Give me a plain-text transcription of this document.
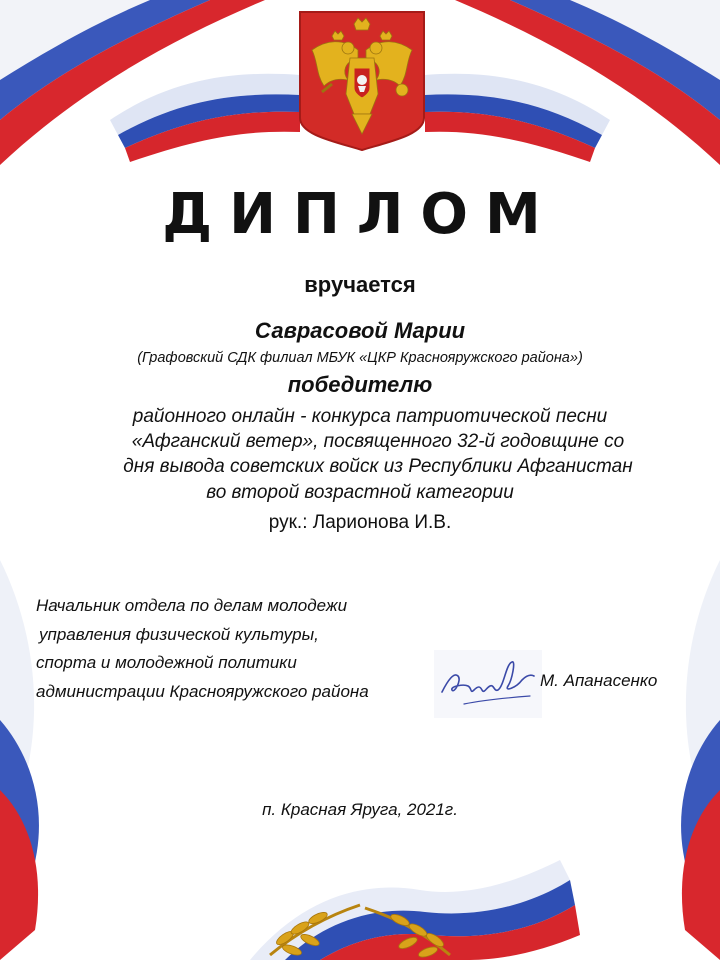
ДИПЛОМ
вручается
Саврасовой Марии
(Графовский СДК филиал МБУК «ЦКР Краснояружского района»)
победителю
районного онлайн - конкурса патриотической песни
«Афганский ветер», посвященного 32-й годовщине со
дня вывода советских войск из Республики Афганистан
во второй возрастной категории
рук.: Ларионова И.В.
Начальник отдела по делам молодежи
управления физической культуры,
спорта и молодежной политики
администрации Краснояружского района
М. Апанасенко
п. Красная Яруга, 2021г.
